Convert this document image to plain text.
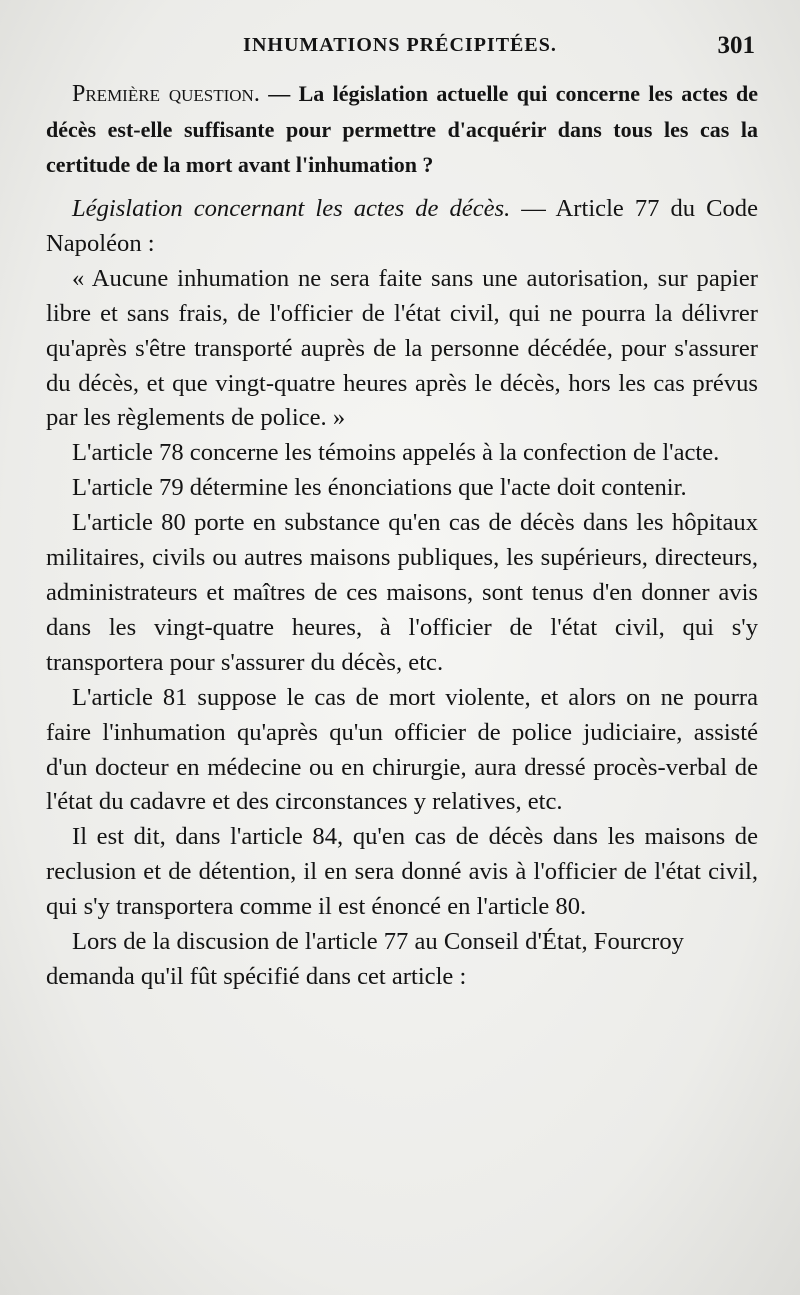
INHUMATIONS PRÉCIPITÉES.	301

Première question. — La législation actuelle qui concerne les actes de décès est-elle suffisante pour permettre d'acquérir dans tous les cas la certitude de la mort avant l'inhumation ?

Législation concernant les actes de décès. — Article 77 du Code Napoléon :

« Aucune inhumation ne sera faite sans une autorisation, sur papier libre et sans frais, de l'officier de l'état civil, qui ne pourra la délivrer qu'après s'être transporté auprès de la personne décédée, pour s'assurer du décès, et que vingt-quatre heures après le décès, hors les cas prévus par les règlements de police. »

L'article 78 concerne les témoins appelés à la confection de l'acte.

L'article 79 détermine les énonciations que l'acte doit contenir.

L'article 80 porte en substance qu'en cas de décès dans les hôpitaux militaires, civils ou autres maisons publiques, les supérieurs, directeurs, administrateurs et maîtres de ces maisons, sont tenus d'en donner avis dans les vingt-quatre heures, à l'officier de l'état civil, qui s'y transportera pour s'assurer du décès, etc.

L'article 81 suppose le cas de mort violente, et alors on ne pourra faire l'inhumation qu'après qu'un officier de police judiciaire, assisté d'un docteur en médecine ou en chirurgie, aura dressé procès-verbal de l'état du cadavre et des circonstances y relatives, etc.

Il est dit, dans l'article 84, qu'en cas de décès dans les maisons de reclusion et de détention, il en sera donné avis à l'officier de l'état civil, qui s'y transportera comme il est énoncé en l'article 80.

Lors de la discusion de l'article 77 au Conseil d'État, Fourcroy demanda qu'il fût spécifié dans cet article :
